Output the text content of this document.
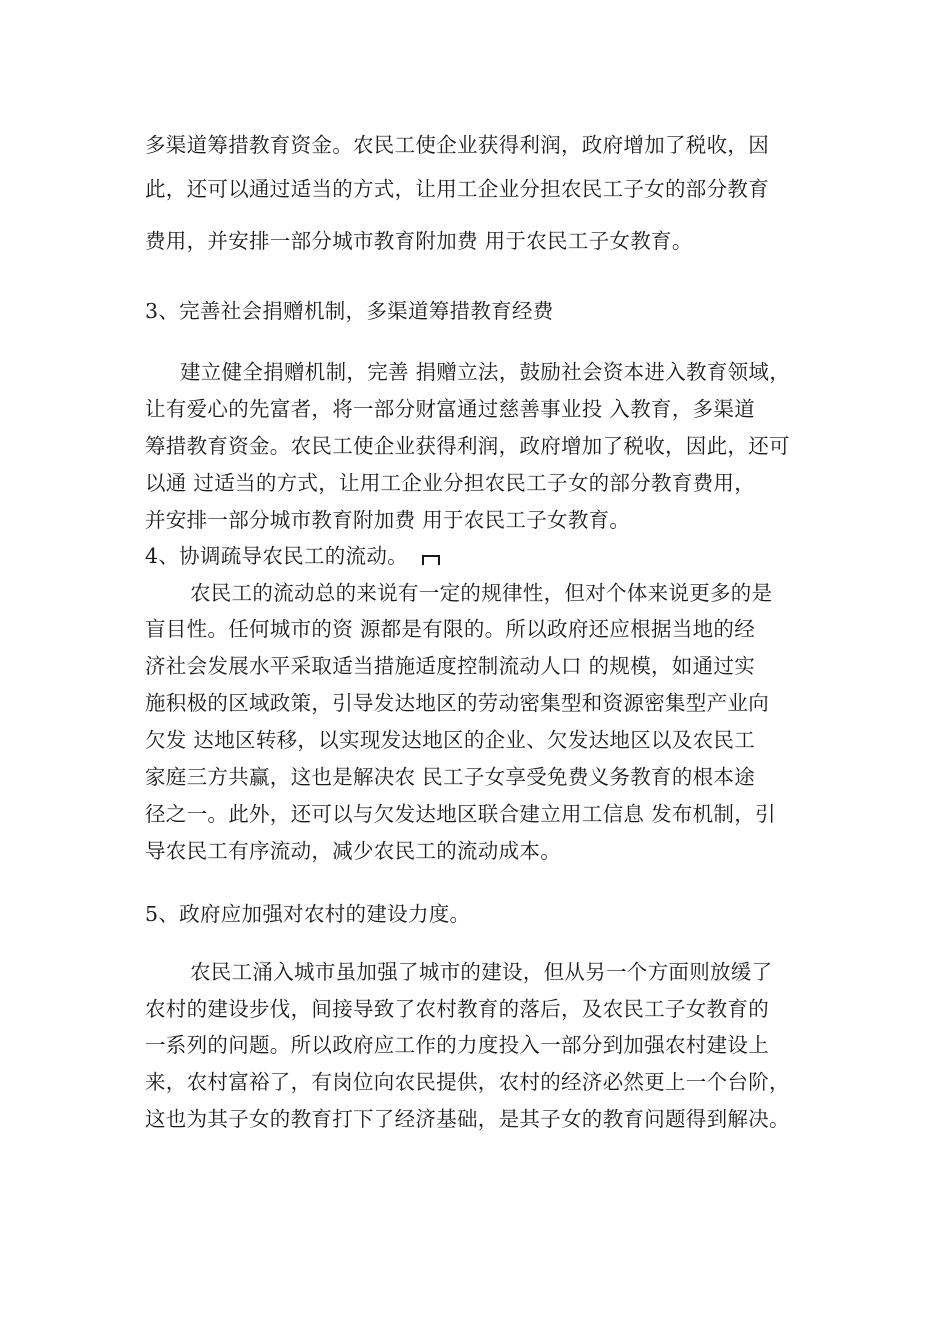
多渠道筹措教育资金。农民工使企业获得利润，政府增加了税收，因
此，还可以通过适当的方式，让用工企业分担农民工子女的部分教育
费用，并安排一部分城市教育附加费 用于农民工子女教育。
3、完善社会捐赠机制，多渠道筹措教育经费
建立健全捐赠机制，完善 捐赠立法，鼓励社会资本进入教育领域，
让有爱心的先富者，将一部分财富通过慈善事业投 入教育，多渠道
筹措教育资金。农民工使企业获得利润，政府增加了税收，因此，还可
以通 过适当的方式，让用工企业分担农民工子女的部分教育费用，
并安排一部分城市教育附加费 用于农民工子女教育。
4、协调疏导农民工的流动。
农民工的流动总的来说有一定的规律性，但对个体来说更多的是
盲目性。任何城市的资 源都是有限的。所以政府还应根据当地的经
济社会发展水平采取适当措施适度控制流动人口 的规模，如通过实
施积极的区域政策，引导发达地区的劳动密集型和资源密集型产业向
欠发 达地区转移，以实现发达地区的企业、欠发达地区以及农民工
家庭三方共赢，这也是解决农 民工子女享受免费义务教育的根本途
径之一。此外，还可以与欠发达地区联合建立用工信息 发布机制，引
导农民工有序流动，减少农民工的流动成本。
5、政府应加强对农村的建设力度。
农民工涌入城市虽加强了城市的建设，但从另一个方面则放缓了
农村的建设步伐，间接导致了农村教育的落后，及农民工子女教育的
一系列的问题。所以政府应工作的力度投入一部分到加强农村建设上
来，农村富裕了，有岗位向农民提供，农村的经济必然更上一个台阶，
这也为其子女的教育打下了经济基础，是其子女的教育问题得到解决。
